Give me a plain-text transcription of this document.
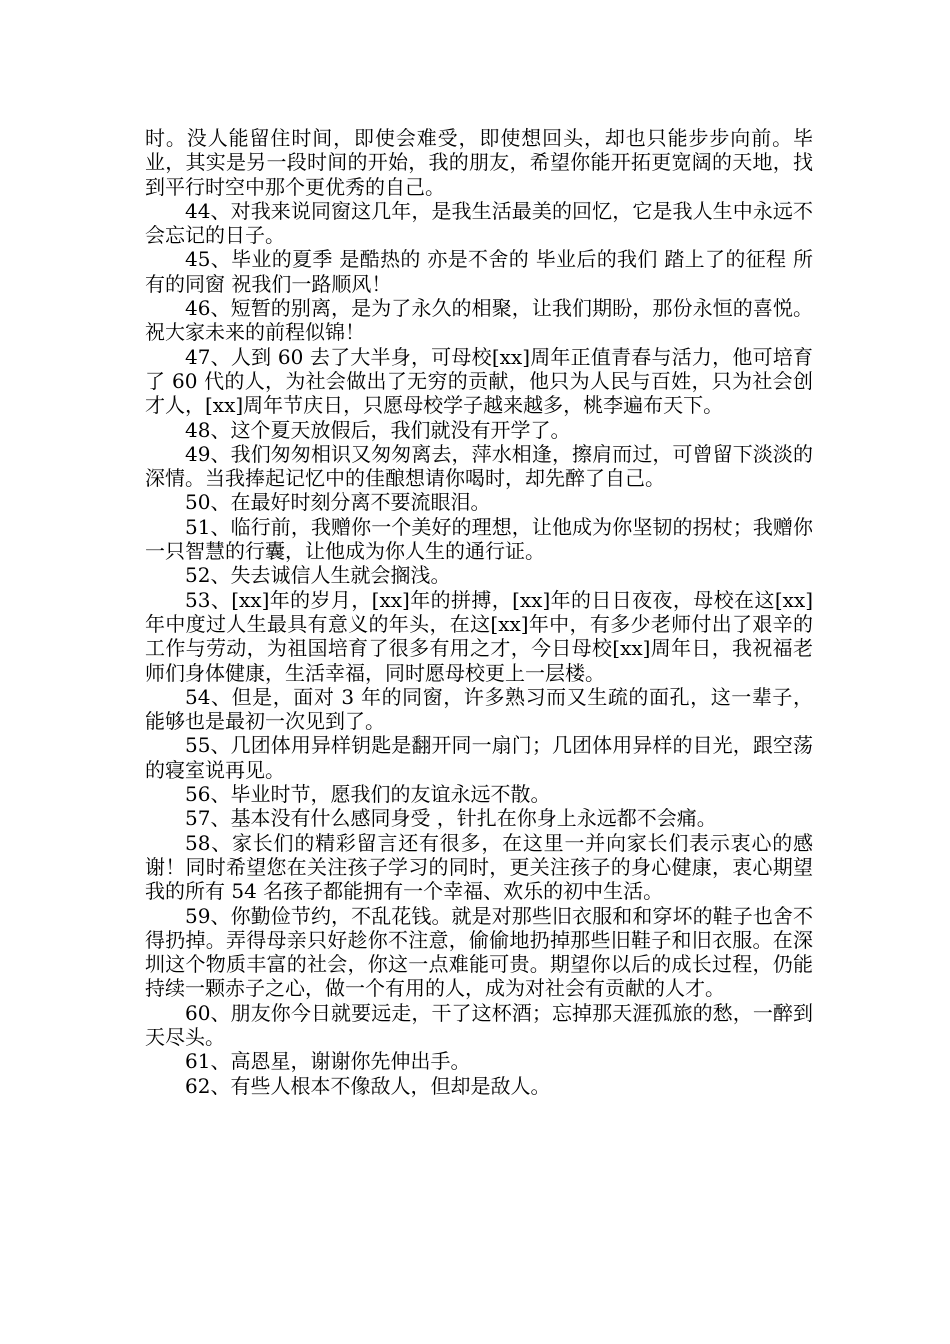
时。没人能留住时间，即使会难受，即使想回头，却也只能步步向前。毕业，其实是另一段时间的开始，我的朋友，希望你能开拓更宽阔的天地，找到平行时空中那个更优秀的自己。

44、对我来说同窗这几年，是我生活最美的回忆，它是我人生中永远不会忘记的日子。

45、毕业的夏季 是酷热的 亦是不舍的 毕业后的我们 踏上了的征程 所有的同窗 祝我们一路顺风！

46、短暂的别离，是为了永久的相聚，让我们期盼，那份永恒的喜悦。祝大家未来的前程似锦！

47、人到 60 去了大半身，可母校[xx]周年正值青春与活力，他可培育了 60 代的人，为社会做出了无穷的贡献，他只为人民与百姓，只为社会创才人，[xx]周年节庆日，只愿母校学子越来越多，桃李遍布天下。

48、这个夏天放假后，我们就没有开学了。

49、我们匆匆相识又匆匆离去，萍水相逢，擦肩而过，可曾留下淡淡的深情。当我捧起记忆中的佳酿想请你喝时，却先醉了自己。

50、在最好时刻分离不要流眼泪。

51、临行前，我赠你一个美好的理想，让他成为你坚韧的拐杖；我赠你一只智慧的行囊，让他成为你人生的通行证。

52、失去诚信人生就会搁浅。

53、[xx]年的岁月，[xx]年的拼搏，[xx]年的日日夜夜，母校在这[xx]年中度过人生最具有意义的年头，在这[xx]年中，有多少老师付出了艰辛的工作与劳动，为祖国培育了很多有用之才，今日母校[xx]周年日，我祝福老师们身体健康，生活幸福，同时愿母校更上一层楼。

54、但是，面对 3 年的同窗，许多熟习而又生疏的面孔，这一辈子，能够也是最初一次见到了。

55、几团体用异样钥匙是翻开同一扇门；几团体用异样的目光，跟空荡的寝室说再见。

56、毕业时节，愿我们的友谊永远不散。

57、基本没有什么感同身受 ，针扎在你身上永远都不会痛。

58、家长们的精彩留言还有很多，在这里一并向家长们表示衷心的感谢！同时希望您在关注孩子学习的同时，更关注孩子的身心健康，衷心期望我的所有 54 名孩子都能拥有一个幸福、欢乐的初中生活。

59、你勤俭节约，不乱花钱。就是对那些旧衣服和和穿坏的鞋子也舍不得扔掉。弄得母亲只好趁你不注意，偷偷地扔掉那些旧鞋子和旧衣服。在深圳这个物质丰富的社会，你这一点难能可贵。期望你以后的成长过程，仍能持续一颗赤子之心，做一个有用的人，成为对社会有贡献的人才。

60、朋友你今日就要远走，干了这杯酒；忘掉那天涯孤旅的愁，一醉到天尽头。

61、高恩星，谢谢你先伸出手。

62、有些人根本不像敌人，但却是敌人。
